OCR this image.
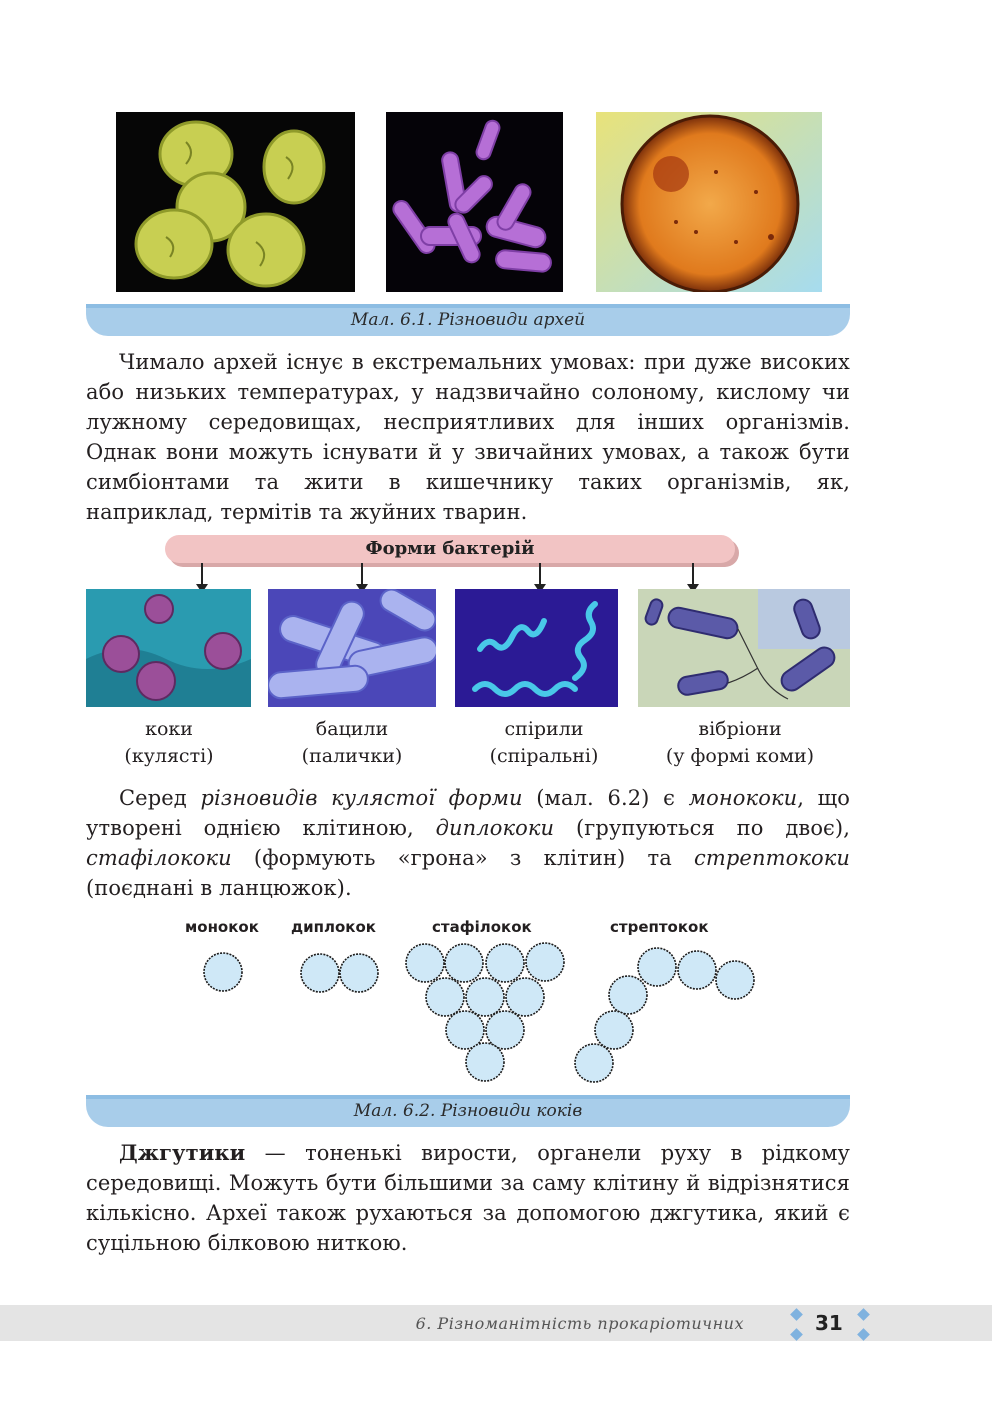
Мал. 6.1. Різновиди архей

Чимало архей існує в екстремальних умовах: при дуже високих або низьких температурах, у надзвичайно солоному, кислому чи лужному середовищах, несприятливих для інших організмів. Однак вони можуть існувати й у звичайних умовах, а також бути симбіонтами та жити в кишечнику таких організмів, як, наприклад, термітів та жуйних тварин.

Форми бактерій
коки
(кулясті)
бацили
(палички)
спірили
(спіральні)
вібріони
(у формі коми)

Серед різновидів кулястої форми (мал. 6.2) є монококи, що утворені однією клітиною, диплококи (групуються по двоє), стафілококи (формують «грона» з клітин) та стрептококи (поєднані в ланцюжок).

монокок диплокок	стафілокок	стрептокок
Мал. 6.2. Різновиди коків

Джгутики — тоненькі вирости, органели руху в рідкому середовищі. Можуть бути більшими за саму клітину й відрізнятися кількісно. Археї також рухаються за допомогою джгутика, який є суцільною білковою ниткою.

6. Різноманітність прокаріотичних	31
